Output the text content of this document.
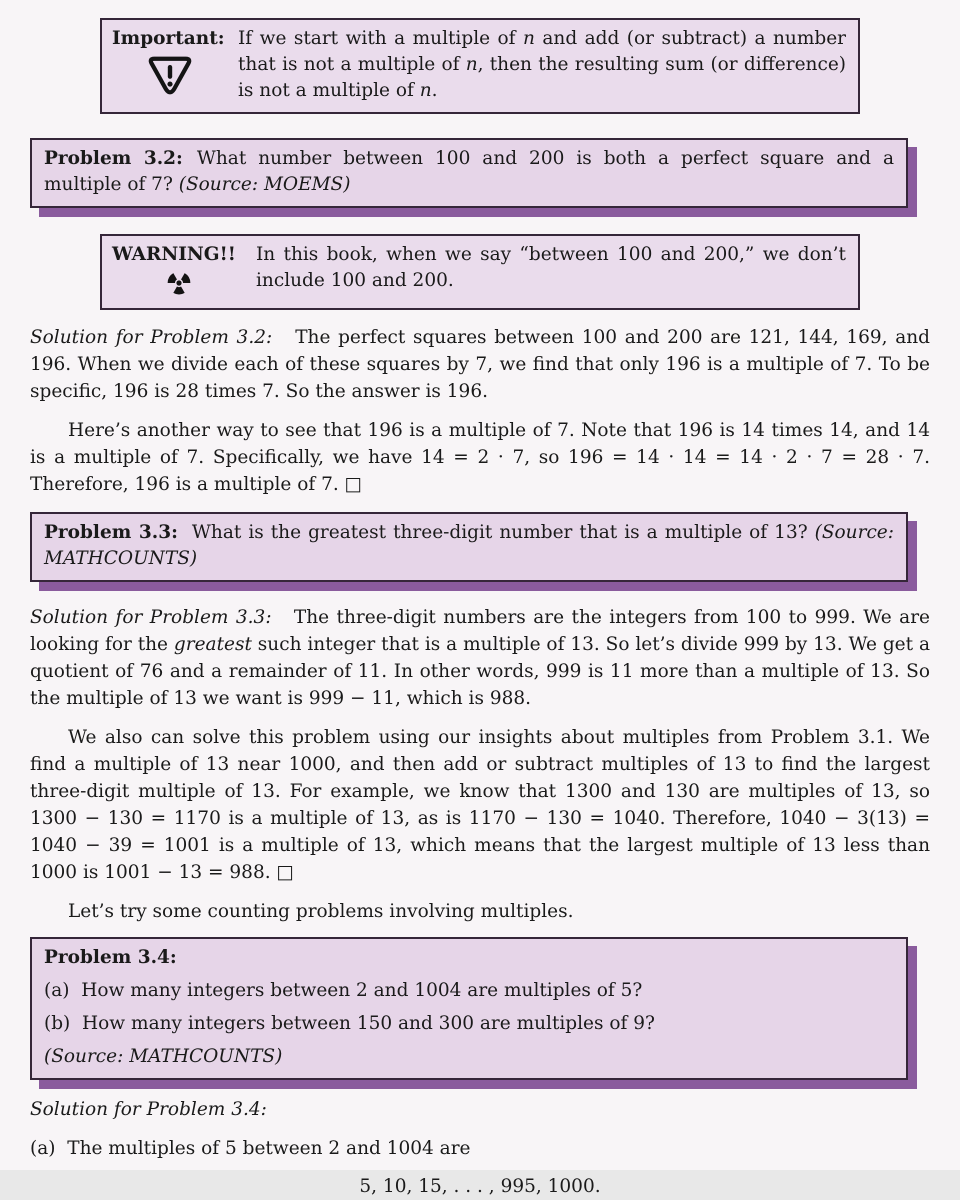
Important: If we start with a multiple of n and add (or subtract) a number that is not a multiple of n, then the resulting sum (or difference) is not a multiple of n.

Problem 3.2: What number between 100 and 200 is both a perfect square and a multiple of 7? (Source: MOEMS)

WARNING!! In this book, when we say “between 100 and 200,” we don’t include 100 and 200.

Solution for Problem 3.2:   The perfect squares between 100 and 200 are 121, 144, 169, and 196. When we divide each of these squares by 7, we find that only 196 is a multiple of 7. To be specific, 196 is 28 times 7. So the answer is 196.

Here’s another way to see that 196 is a multiple of 7. Note that 196 is 14 times 14, and 14 is a multiple of 7. Specifically, we have 14 = 2 · 7, so 196 = 14 · 14 = 14 · 2 · 7 = 28 · 7. Therefore, 196 is a multiple of 7. □

Problem 3.3: What is the greatest three-digit number that is a multiple of 13? (Source: MATHCOUNTS)

Solution for Problem 3.3:   The three-digit numbers are the integers from 100 to 999. We are looking for the greatest such integer that is a multiple of 13. So let’s divide 999 by 13. We get a quotient of 76 and a remainder of 11. In other words, 999 is 11 more than a multiple of 13. So the multiple of 13 we want is 999 − 11, which is 988.

We also can solve this problem using our insights about multiples from Problem 3.1. We find a multiple of 13 near 1000, and then add or subtract multiples of 13 to find the largest three-digit multiple of 13. For example, we know that 1300 and 130 are multiples of 13, so 1300 − 130 = 1170 is a multiple of 13, as is 1170 − 130 = 1040. Therefore, 1040 − 3(13) = 1040 − 39 = 1001 is a multiple of 13, which means that the largest multiple of 13 less than 1000 is 1001 − 13 = 988. □

Let’s try some counting problems involving multiples.

Problem 3.4:

(a)  How many integers between 2 and 1004 are multiples of 5?

(b)  How many integers between 150 and 300 are multiples of 9?

(Source: MATHCOUNTS)

Solution for Problem 3.4:

(a)  The multiples of 5 between 2 and 1004 are

5, 10, 15, . . . , 995, 1000.
